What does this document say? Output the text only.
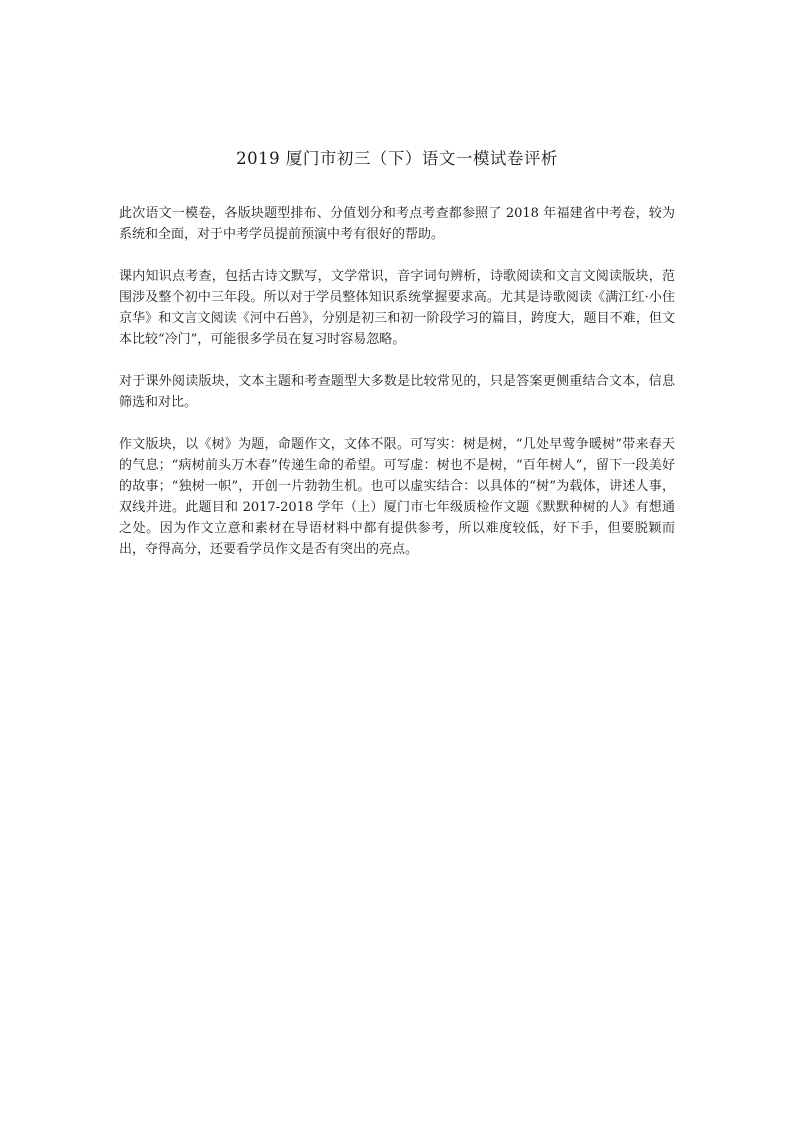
2019 厦门市初三（下）语文一模试卷评析

此次语文一模卷，各版块题型排布、分值划分和考点考查都参照了 2018 年福建省中考卷，较为系统和全面，对于中考学员提前预演中考有很好的帮助。

课内知识点考查，包括古诗文默写，文学常识，音字词句辨析，诗歌阅读和文言文阅读版块，范围涉及整个初中三年段。所以对于学员整体知识系统掌握要求高。尤其是诗歌阅读《满江红·小住京华》和文言文阅读《河中石兽》，分别是初三和初一阶段学习的篇目，跨度大，题目不难，但文本比较“冷门”，可能很多学员在复习时容易忽略。

对于课外阅读版块，文本主题和考查题型大多数是比较常见的，只是答案更侧重结合文本，信息筛选和对比。

作文版块，以《树》为题，命题作文，文体不限。可写实：树是树，“几处早莺争暖树”带来春天的气息；“病树前头万木春”传递生命的希望。可写虚：树也不是树，“百年树人”，留下一段美好的故事；“独树一帜”，开创一片勃勃生机。也可以虚实结合：以具体的“树”为载体，讲述人事，双线并进。此题目和 2017-2018 学年（上）厦门市七年级质检作文题《默默种树的人》有想通之处。因为作文立意和素材在导语材料中都有提供参考，所以难度较低，好下手，但要脱颖而出，夺得高分，还要看学员作文是否有突出的亮点。
